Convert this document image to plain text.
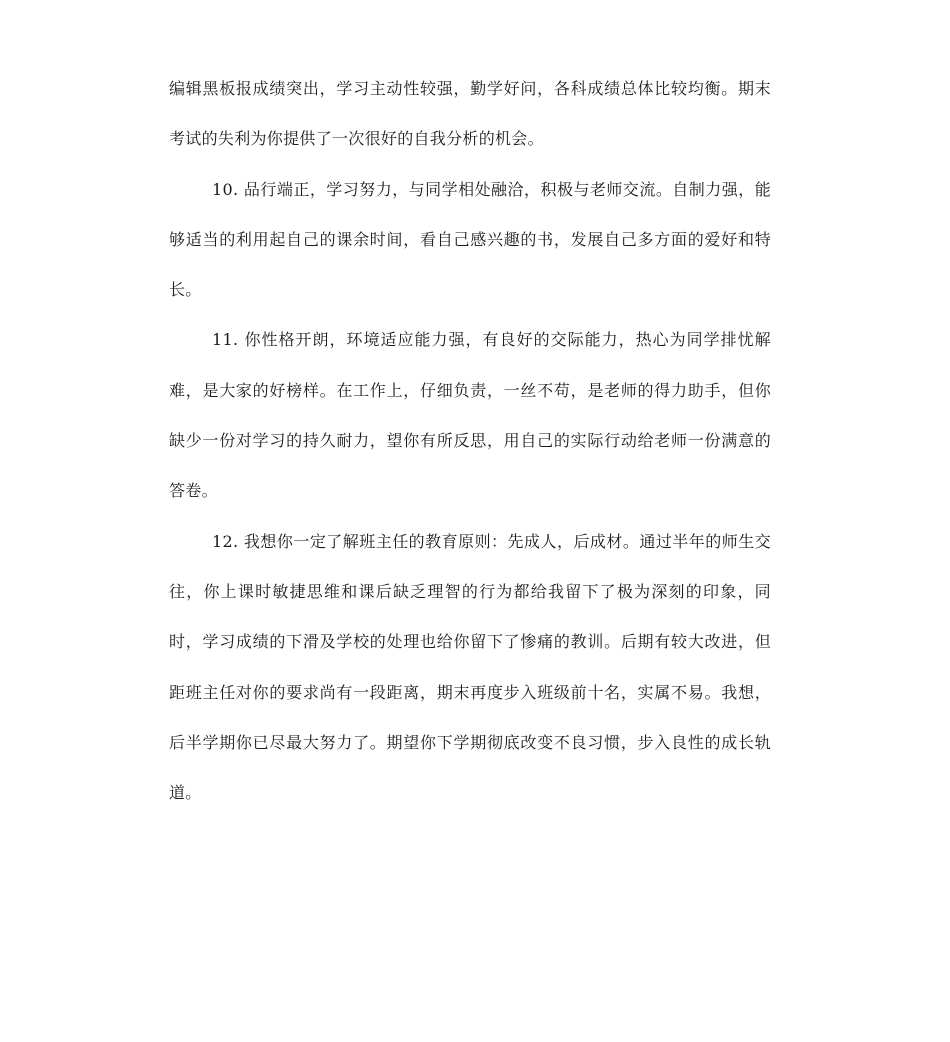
编辑黑板报成绩突出，学习主动性较强，勤学好问，各科成绩总体比较均衡。期末考试的失利为你提供了一次很好的自我分析的机会。

10. 品行端正，学习努力，与同学相处融洽，积极与老师交流。自制力强，能够适当的利用起自己的课余时间，看自己感兴趣的书，发展自己多方面的爱好和特长。

11. 你性格开朗，环境适应能力强，有良好的交际能力，热心为同学排忧解难，是大家的好榜样。在工作上，仔细负责，一丝不苟，是老师的得力助手，但你缺少一份对学习的持久耐力，望你有所反思，用自己的实际行动给老师一份满意的答卷。

12. 我想你一定了解班主任的教育原则：先成人，后成材。通过半年的师生交往，你上课时敏捷思维和课后缺乏理智的行为都给我留下了极为深刻的印象，同时，学习成绩的下滑及学校的处理也给你留下了惨痛的教训。后期有较大改进，但距班主任对你的要求尚有一段距离，期末再度步入班级前十名，实属不易。我想，后半学期你已尽最大努力了。期望你下学期彻底改变不良习惯，步入良性的成长轨道。
